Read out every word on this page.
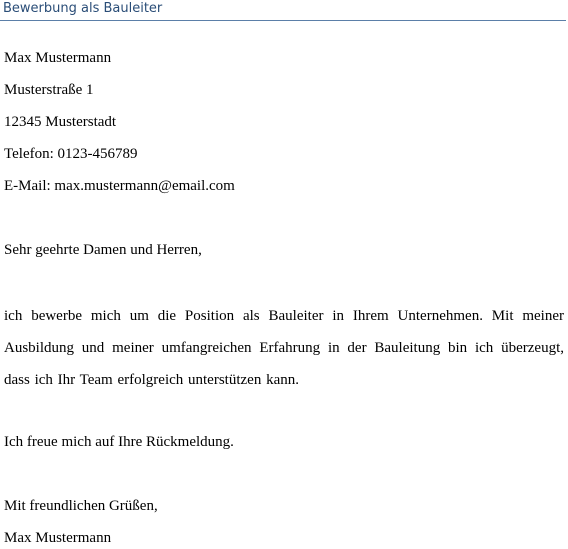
Bewerbung als Bauleiter
Max Mustermann
Musterstraße 1
12345 Musterstadt
Telefon: 0123-456789
E-Mail: max.mustermann@email.com
Sehr geehrte Damen und Herren,
ich bewerbe mich um die Position als Bauleiter in Ihrem Unternehmen. Mit meiner
Ausbildung und meiner umfangreichen Erfahrung in der Bauleitung bin ich überzeugt,
dass ich Ihr Team erfolgreich unterstützen kann.
Ich freue mich auf Ihre Rückmeldung.
Mit freundlichen Grüßen,
Max Mustermann
